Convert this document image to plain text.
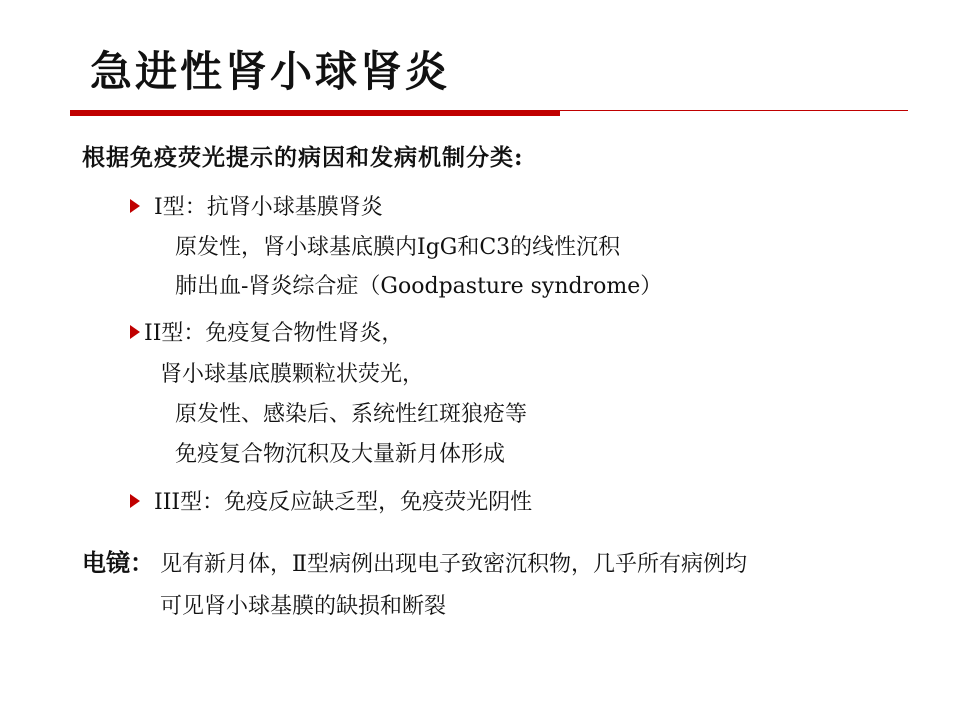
急进性肾小球肾炎
根据免疫荧光提示的病因和发病机制分类:
Ⅰ型：抗肾小球基膜肾炎
原发性，肾小球基底膜内IgG和C3的线性沉积
肺出血-肾炎综合症（Goodpasture syndrome）
II型：免疫复合物性肾炎，
肾小球基底膜颗粒状荧光，
原发性、感染后、系统性红斑狼疮等
免疫复合物沉积及大量新月体形成
III型：免疫反应缺乏型，免疫荧光阴性
电镜： 见有新月体，Ⅱ型病例出现电子致密沉积物，几乎所有病例均
可见肾小球基膜的缺损和断裂
